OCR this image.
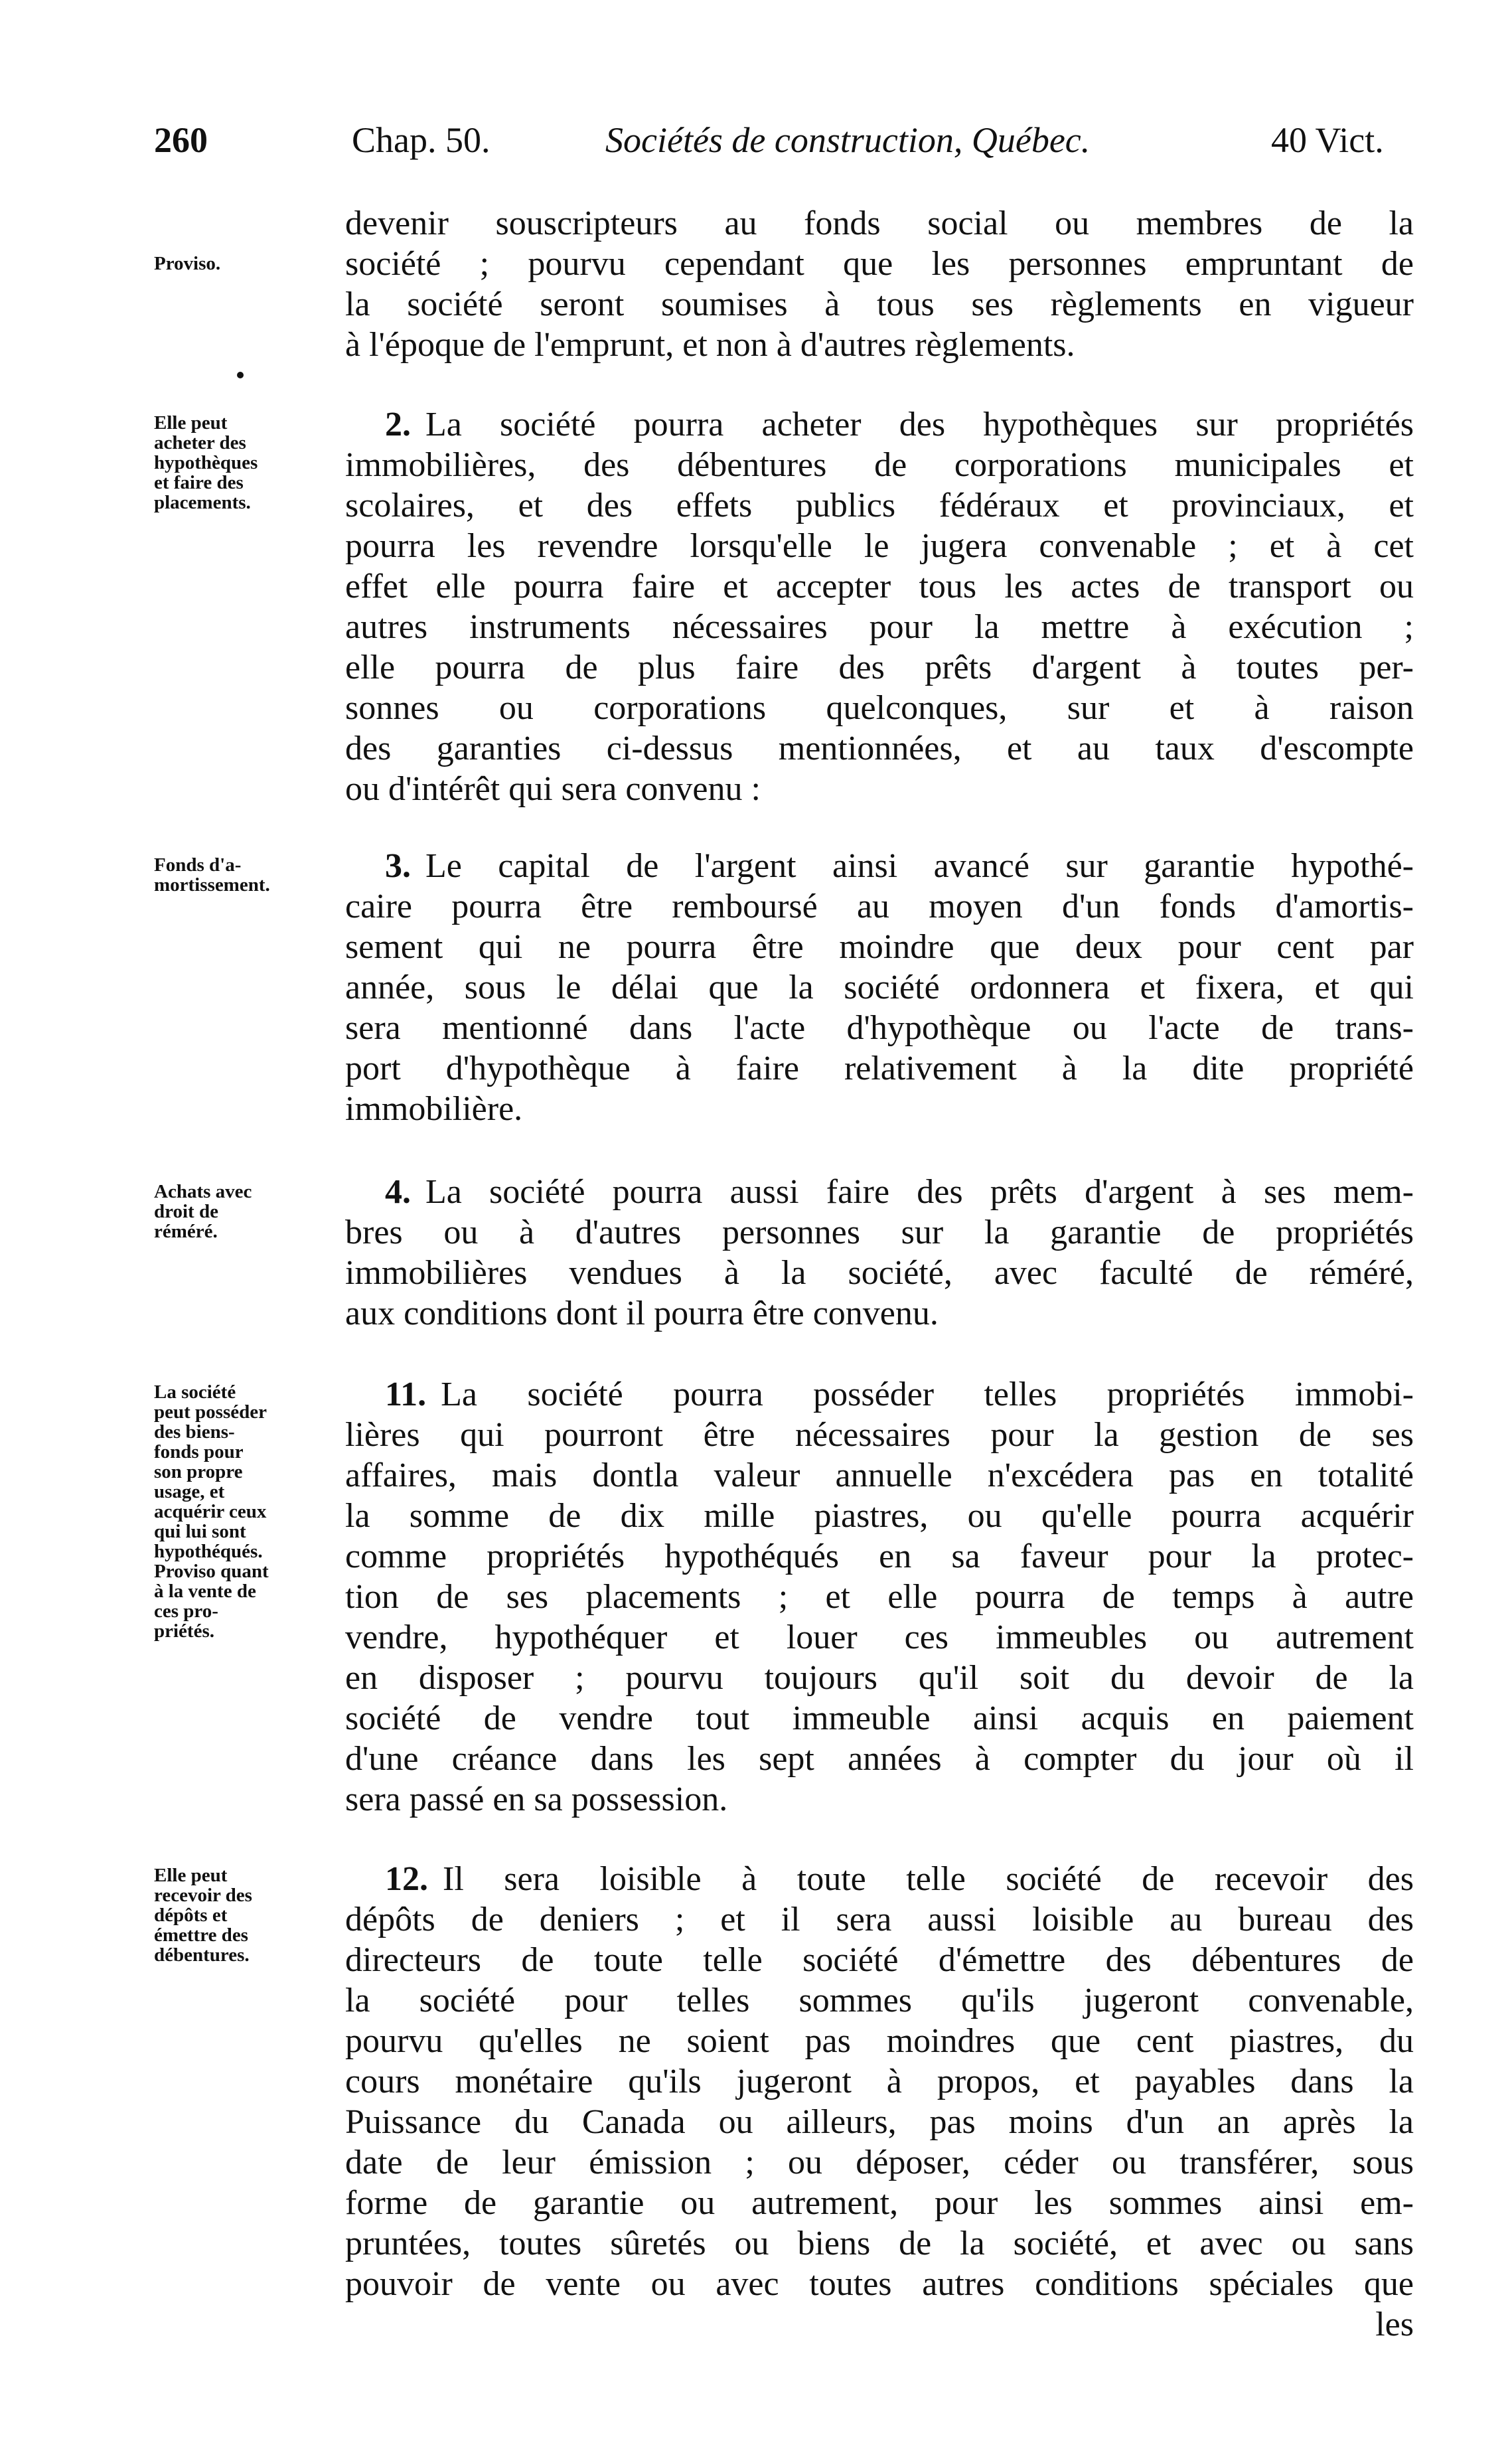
260	Chap. 50.	Sociétés de construction, Québec.	40 Vict.
devenir souscripteurs au fonds social ou membres de la
société ; pourvu cependant que les personnes empruntant de
la société seront soumises à tous ses règlements en vigueur
à l'époque de l'emprunt, et non à d'autres règlements.
2. La société pourra acheter des hypothèques sur propriétés
immobilières, des débentures de corporations municipales et
scolaires, et des effets publics fédéraux et provinciaux, et
pourra les revendre lorsqu'elle le jugera convenable ; et à cet
effet elle pourra faire et accepter tous les actes de transport ou
autres instruments nécessaires pour la mettre à exécution ;
elle pourra de plus faire des prêts d'argent à toutes per-
sonnes ou corporations quelconques, sur et à raison
des garanties ci-dessus mentionnées, et au taux d'escompte
ou d'intérêt qui sera convenu :
3. Le capital de l'argent ainsi avancé sur garantie hypothé-
caire pourra être remboursé au moyen d'un fonds d'amortis-
sement qui ne pourra être moindre que deux pour cent par
année, sous le délai que la société ordonnera et fixera, et qui
sera mentionné dans l'acte d'hypothèque ou l'acte de trans-
port d'hypothèque à faire relativement à la dite propriété
immobilière.
4. La société pourra aussi faire des prêts d'argent à ses mem-
bres ou à d'autres personnes sur la garantie de propriétés
immobilières vendues à la société, avec faculté de réméré,
aux conditions dont il pourra être convenu.
11. La société pourra posséder telles propriétés immobi-
lières qui pourront être nécessaires pour la gestion de ses
affaires, mais dontla valeur annuelle n'excédera pas en totalité
la somme de dix mille piastres, ou qu'elle pourra acquérir
comme propriétés hypothéqués en sa faveur pour la protec-
tion de ses placements ; et elle pourra de temps à autre
vendre, hypothéquer et louer ces immeubles ou autrement
en disposer ; pourvu toujours qu'il soit du devoir de la
société de vendre tout immeuble ainsi acquis en paiement
d'une créance dans les sept années à compter du jour où il
sera passé en sa possession.
12. Il sera loisible à toute telle société de recevoir des
dépôts de deniers ; et il sera aussi loisible au bureau des
directeurs de toute telle société d'émettre des débentures de
la société pour telles sommes qu'ils jugeront convenable,
pourvu qu'elles ne soient pas moindres que cent piastres, du
cours monétaire qu'ils jugeront à propos, et payables dans la
Puissance du Canada ou ailleurs, pas moins d'un an après la
date de leur émission ; ou déposer, céder ou transférer, sous
forme de garantie ou autrement, pour les sommes ainsi em-
pruntées, toutes sûretés ou biens de la société, et avec ou sans
pouvoir de vente ou avec toutes autres conditions spéciales que
les
Proviso.
Elle peut
acheter des
hypothèques
et faire des
placements.
Fonds d'a-
mortissement.
Achats avec
droit de
réméré.
La société
peut posséder
des biens-
fonds pour
son propre
usage, et
acquérir ceux
qui lui sont
hypothéqués.
Proviso quant
à la vente de
ces pro-
priétés.
Elle peut
recevoir des
dépôts et
émettre des
débentures.
